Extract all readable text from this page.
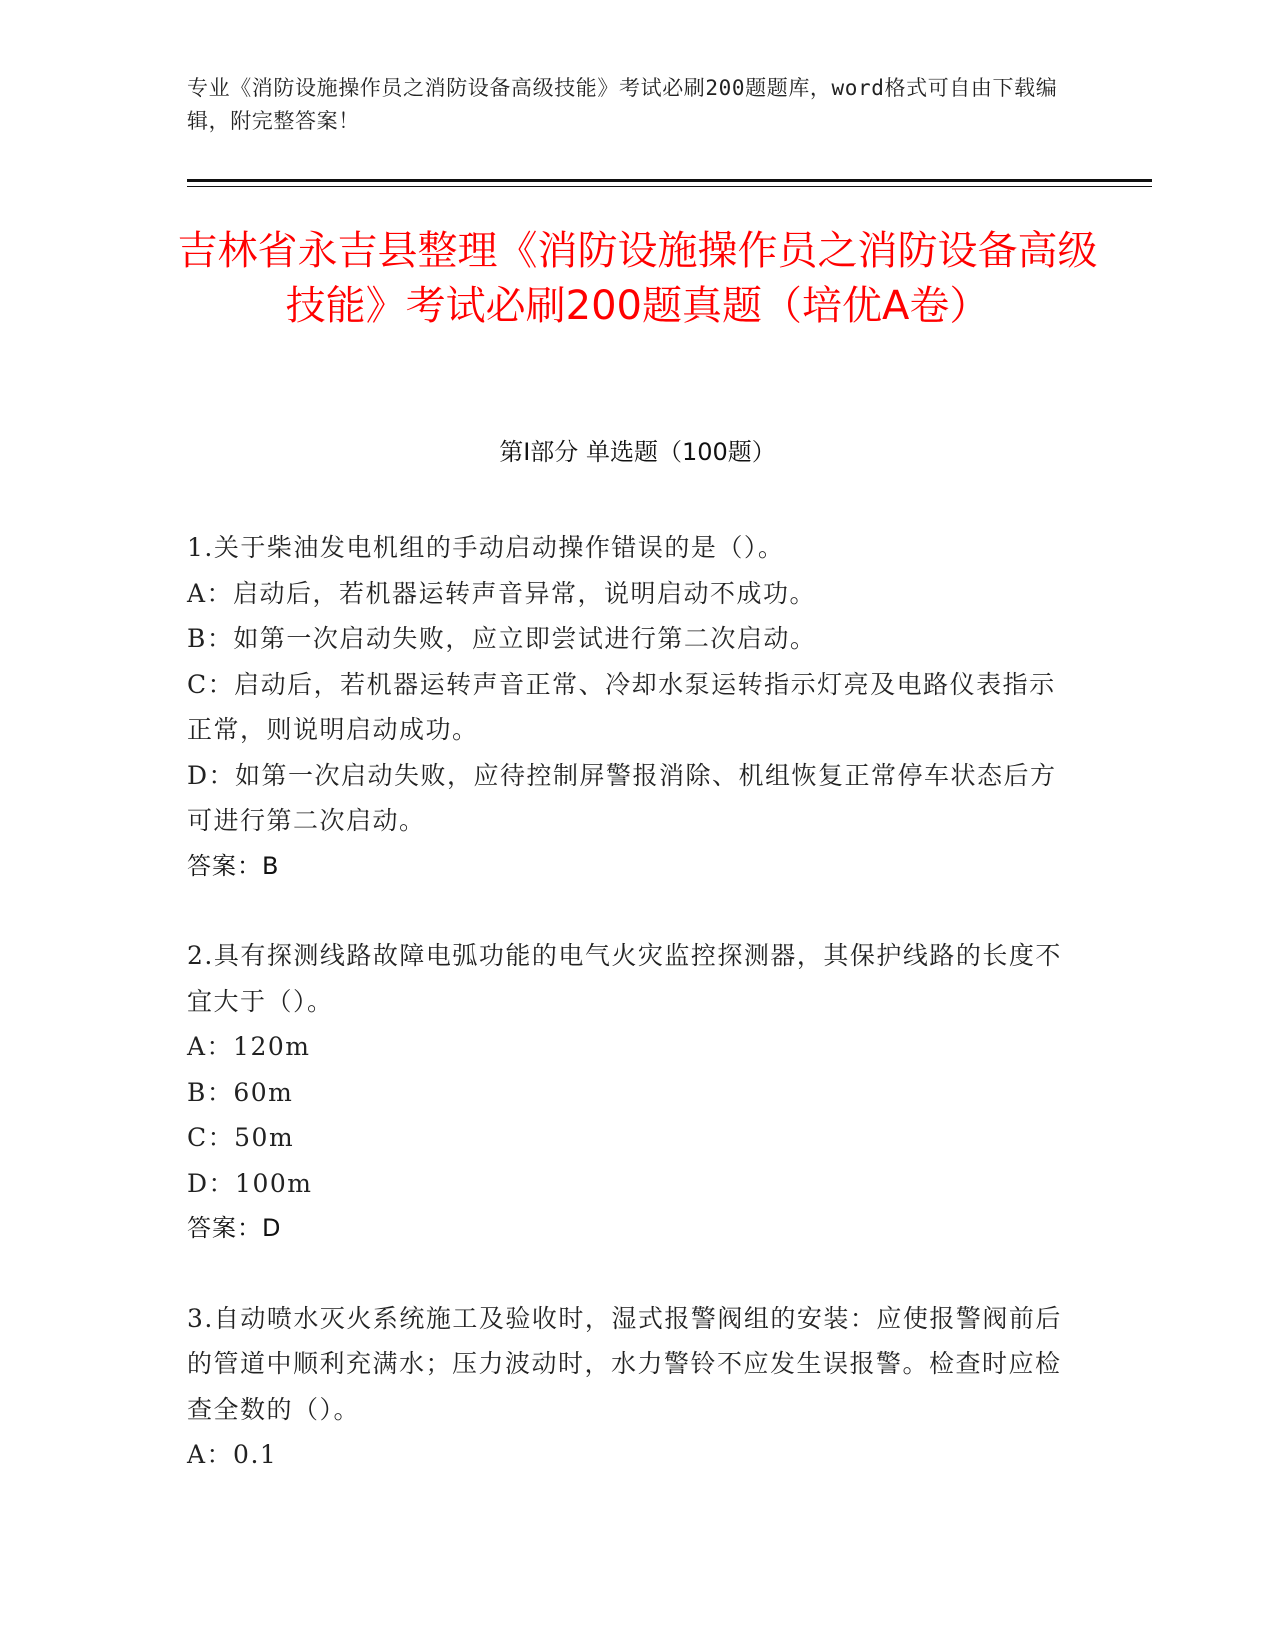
专业《消防设施操作员之消防设备高级技能》考试必刷200题题库，word格式可自由下载编辑，附完整答案！
吉林省永吉县整理《消防设施操作员之消防设备高级技能》考试必刷200题真题（培优A卷）
第I部分 单选题（100题）
1.关于柴油发电机组的手动启动操作错误的是（）。
A：启动后，若机器运转声音异常，说明启动不成功。
B：如第一次启动失败，应立即尝试进行第二次启动。
C：启动后，若机器运转声音正常、冷却水泵运转指示灯亮及电路仪表指示正常，则说明启动成功。
D：如第一次启动失败，应待控制屏警报消除、机组恢复正常停车状态后方可进行第二次启动。
答案：B
2.具有探测线路故障电弧功能的电气火灾监控探测器，其保护线路的长度不宜大于（）。
A：120m
B：60m
C：50m
D：100m
答案：D
3.自动喷水灭火系统施工及验收时，湿式报警阀组的安装：应使报警阀前后的管道中顺利充满水；压力波动时，水力警铃不应发生误报警。检查时应检查全数的（）。
A：0.1
